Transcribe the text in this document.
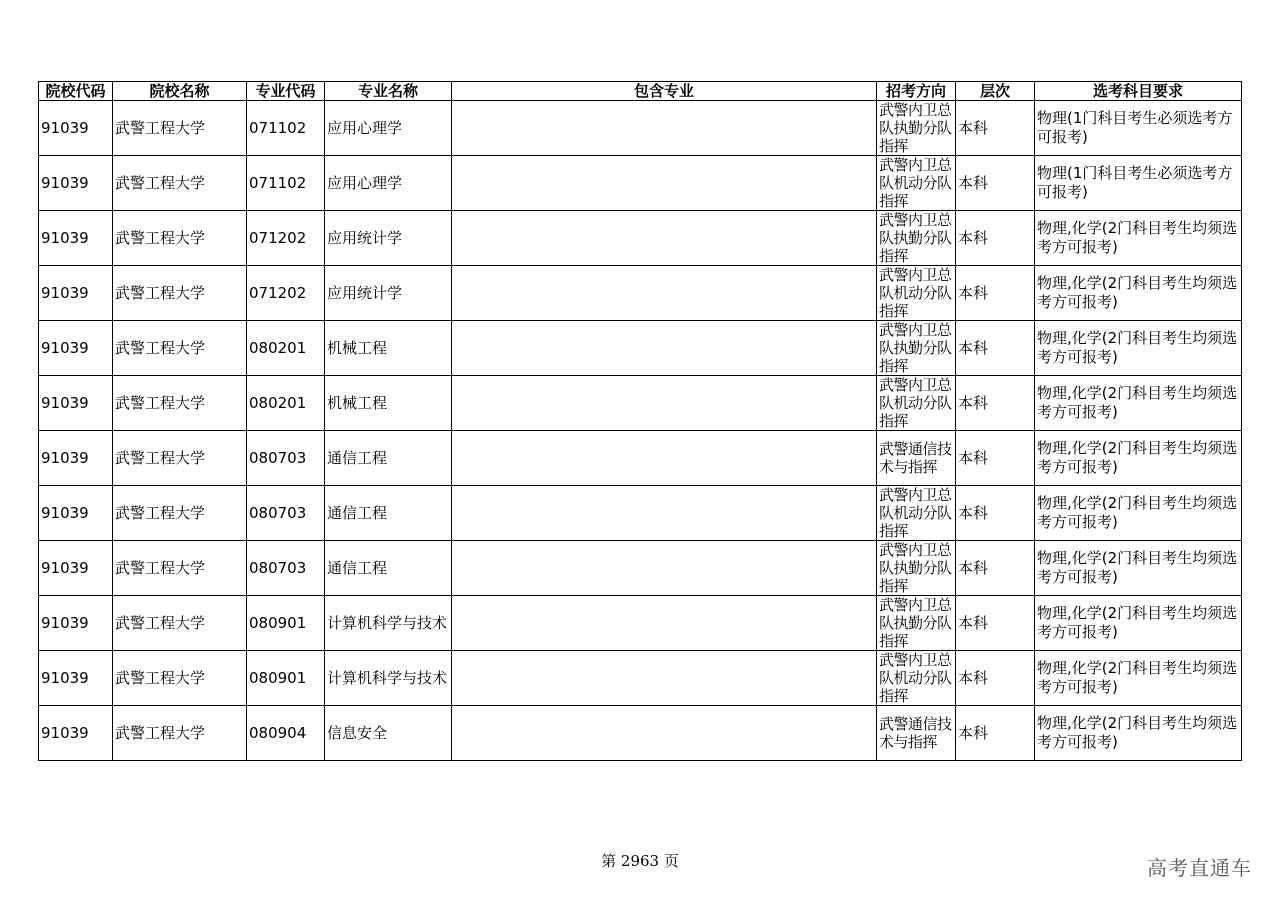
院校代码	院校名称	专业代码	专业名称	包含专业	招考方向	层次	选考科目要求
91039	武警工程大学	071102	应用心理学		武警内卫总队执勤分队指挥	本科	物理(1门科目考生必须选考方可报考)
91039	武警工程大学	071102	应用心理学		武警内卫总队机动分队指挥	本科	物理(1门科目考生必须选考方可报考)
91039	武警工程大学	071202	应用统计学		武警内卫总队执勤分队指挥	本科	物理,化学(2门科目考生均须选考方可报考)
91039	武警工程大学	071202	应用统计学		武警内卫总队机动分队指挥	本科	物理,化学(2门科目考生均须选考方可报考)
91039	武警工程大学	080201	机械工程		武警内卫总队执勤分队指挥	本科	物理,化学(2门科目考生均须选考方可报考)
91039	武警工程大学	080201	机械工程		武警内卫总队机动分队指挥	本科	物理,化学(2门科目考生均须选考方可报考)
91039	武警工程大学	080703	通信工程		武警通信技术与指挥	本科	物理,化学(2门科目考生均须选考方可报考)
91039	武警工程大学	080703	通信工程		武警内卫总队机动分队指挥	本科	物理,化学(2门科目考生均须选考方可报考)
91039	武警工程大学	080703	通信工程		武警内卫总队执勤分队指挥	本科	物理,化学(2门科目考生均须选考方可报考)
91039	武警工程大学	080901	计算机科学与技术		武警内卫总队执勤分队指挥	本科	物理,化学(2门科目考生均须选考方可报考)
91039	武警工程大学	080901	计算机科学与技术		武警内卫总队机动分队指挥	本科	物理,化学(2门科目考生均须选考方可报考)
91039	武警工程大学	080904	信息安全		武警通信技术与指挥	本科	物理,化学(2门科目考生均须选考方可报考)
第 2963 页	高考直通车
